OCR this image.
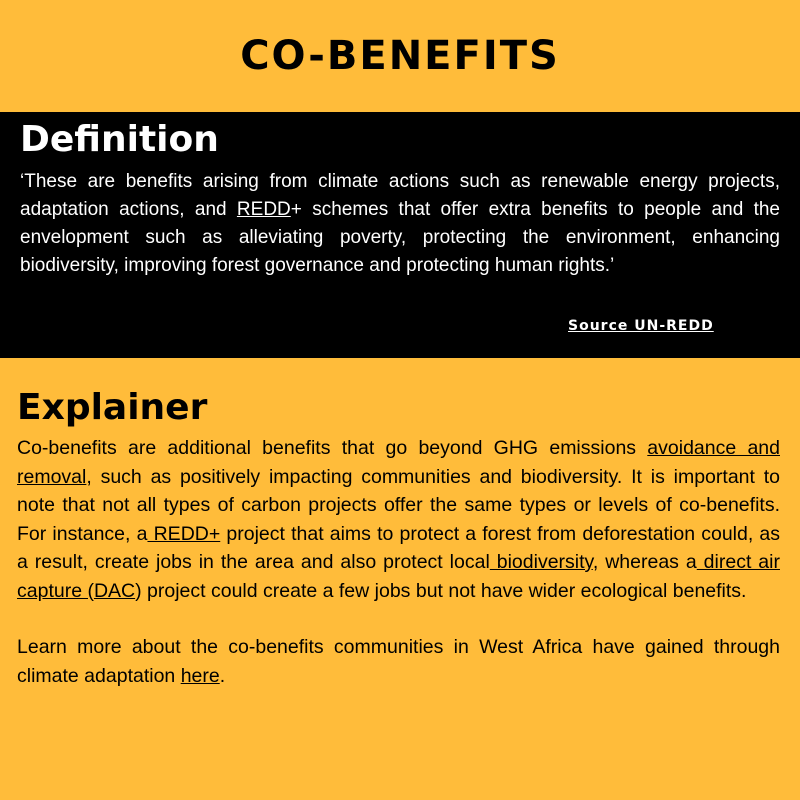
CO-BENEFITS
Definition

‘These are benefits arising from climate actions such as renewable energy projects, adaptation actions, and REDD+ schemes that offer extra benefits to people and the envelopment such as alleviating poverty, protecting the environment, enhancing biodiversity, improving forest governance and protecting human rights.’

Source UN-REDD

Explainer

Co-benefits are additional benefits that go beyond GHG emissions avoidance and removal, such as positively impacting communities and biodiversity. It is important to note that not all types of carbon projects offer the same types or levels of co-benefits. For instance, a REDD+ project that aims to protect a forest from deforestation could, as a result, create jobs in the area and also protect local biodiversity, whereas a direct air capture (DAC) project could create a few jobs but not have wider ecological benefits.

Learn more about the co-benefits communities in West Africa have gained through climate adaptation here.
